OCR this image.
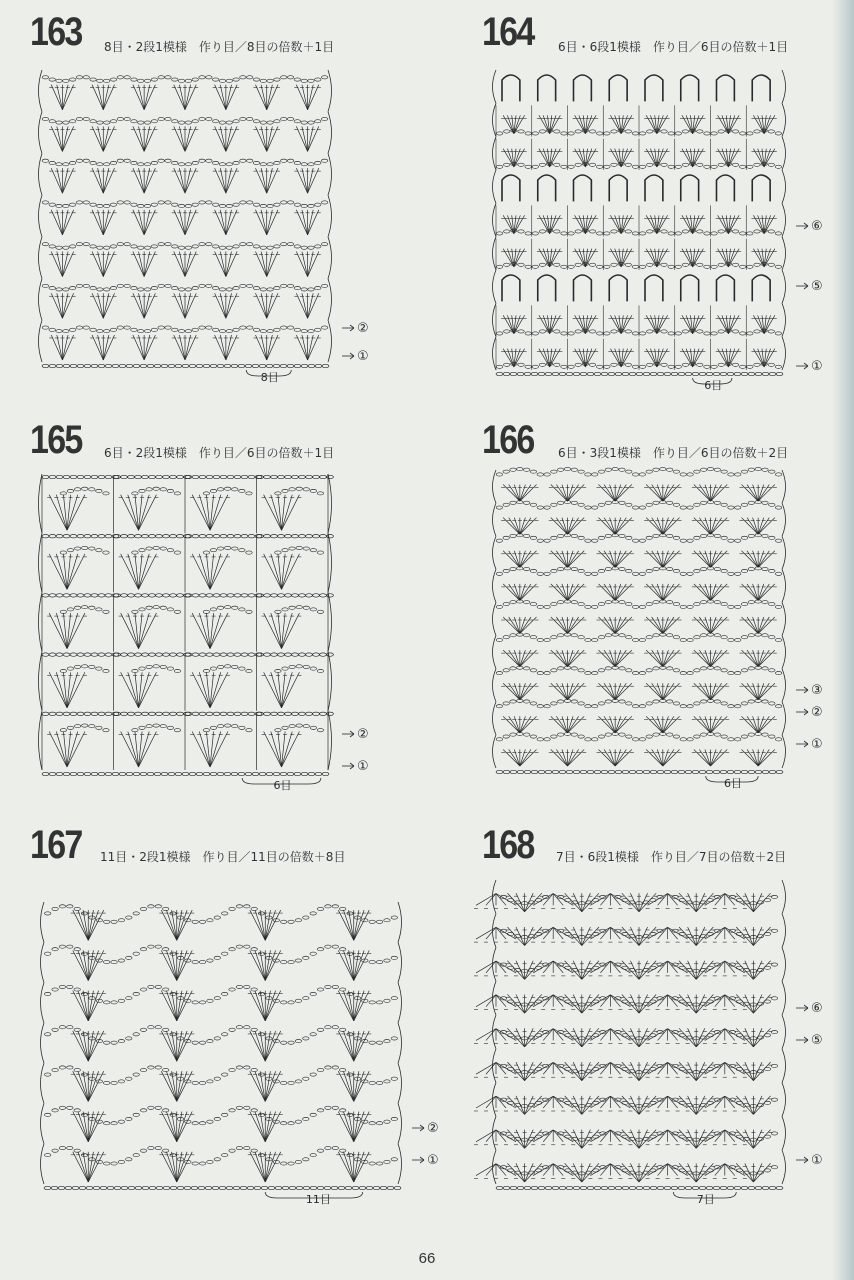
163	8目・2段1模様　作り目／8目の倍数＋1目
②
①
8目
164	6目・6段1模様　作り目／6目の倍数＋1目
⑥
⑤
①
6目
165	6目・2段1模様　作り目／6目の倍数＋1目
②
①
6目
166	6目・3段1模様　作り目／6目の倍数＋2目
③
②
①
6目
167	11目・2段1模様　作り目／11目の倍数＋8目
②
①
11目
168	7目・6段1模様　作り目／7目の倍数＋2目
⑥
⑤
①
7目
66
